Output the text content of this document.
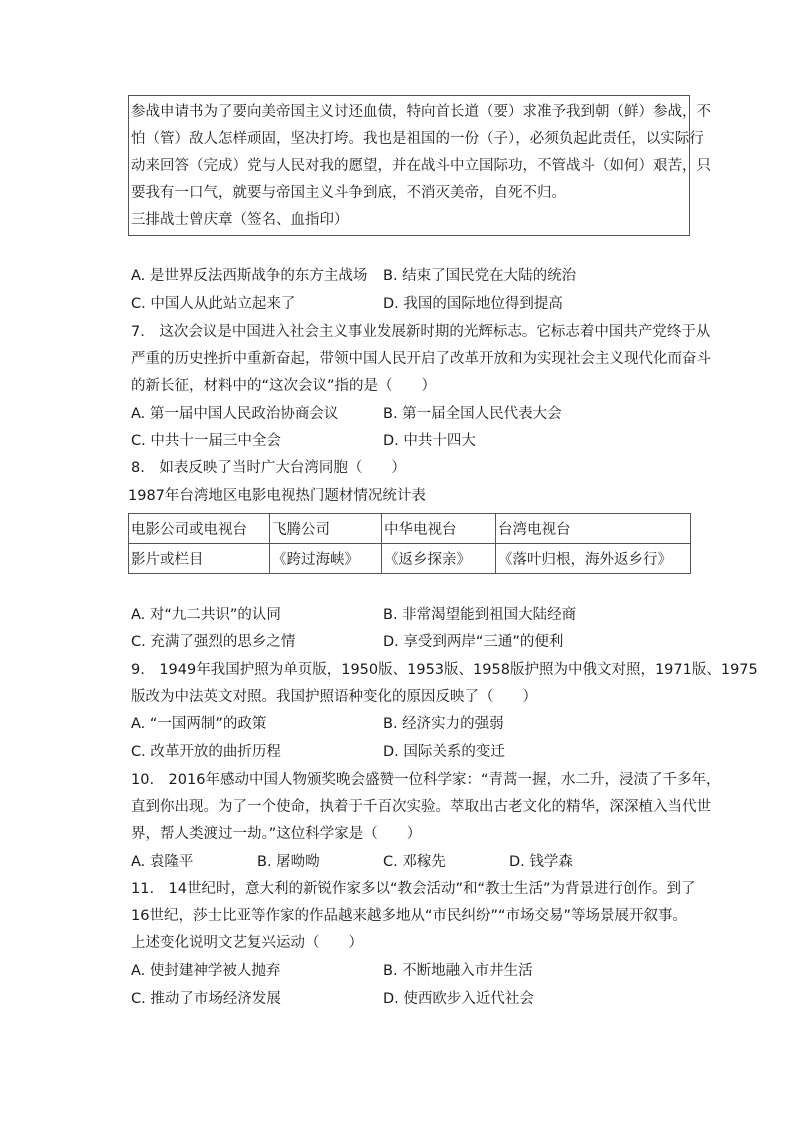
参战申请书为了要向美帝国主义讨还血债，特向首长道（要）求准予我到朝（鲜）参战，不
怕（管）敌人怎样顽固，坚决打垮。我也是祖国的一份（子），必须负起此责任，以实际行
动来回答（完成）党与人民对我的愿望，并在战斗中立国际功，不管战斗（如何）艰苦，只
要我有一口气，就要与帝国主义斗争到底，不消灭美帝，自死不归。
三排战士曾庆章（签名、血指印）
A. 是世界反法西斯战争的东方主战场 B. 结束了国民党在大陆的统治
C. 中国人从此站立起来了	D. 我国的国际地位得到提高
7.　这次会议是中国进入社会主义事业发展新时期的光辉标志。它标志着中国共产党终于从
严重的历史挫折中重新奋起，带领中国人民开启了改革开放和为实现社会主义现代化而奋斗
的新长征，材料中的“这次会议”指的是（　　）
A. 第一届中国人民政治协商会议	B. 第一届全国人民代表大会
C. 中共十一届三中全会	D. 中共十四大
8.　如表反映了当时广大台湾同胞（　　）
1987年台湾地区电影电视热门题材情况统计表
电影公司或电视台	飞腾公司	中华电视台	台湾电视台
影片或栏目	《跨过海峡》	《返乡探亲》	《落叶归根，海外返乡行》
A. 对“九二共识”的认同	B. 非常渴望能到祖国大陆经商
C. 充满了强烈的思乡之情	D. 享受到两岸“三通”的便利
9.　1949年我国护照为单页版，1950版、1953版、1958版护照为中俄文对照，1971版、1975
版改为中法英文对照。我国护照语种变化的原因反映了（　　）
A. “一国两制”的政策	B. 经济实力的强弱
C. 改革开放的曲折历程	D. 国际关系的变迁
10.　2016年感动中国人物颁奖晚会盛赞一位科学家：“青蒿一握，水二升，浸渍了千多年，
直到你出现。为了一个使命，执着于千百次实验。萃取出古老文化的精华，深深植入当代世
界，帮人类渡过一劫。”这位科学家是（　　）
A. 袁隆平	B. 屠呦呦	C. 邓稼先	D. 钱学森
11.　14世纪时，意大利的新锐作家多以“教会活动”和“教士生活”为背景进行创作。到了
16世纪，莎士比亚等作家的作品越来越多地从“市民纠纷”“市场交易”等场景展开叙事。
上述变化说明文艺复兴运动（　　）
A. 使封建神学被人抛弃	B. 不断地融入市井生活
C. 推动了市场经济发展	D. 使西欧步入近代社会
